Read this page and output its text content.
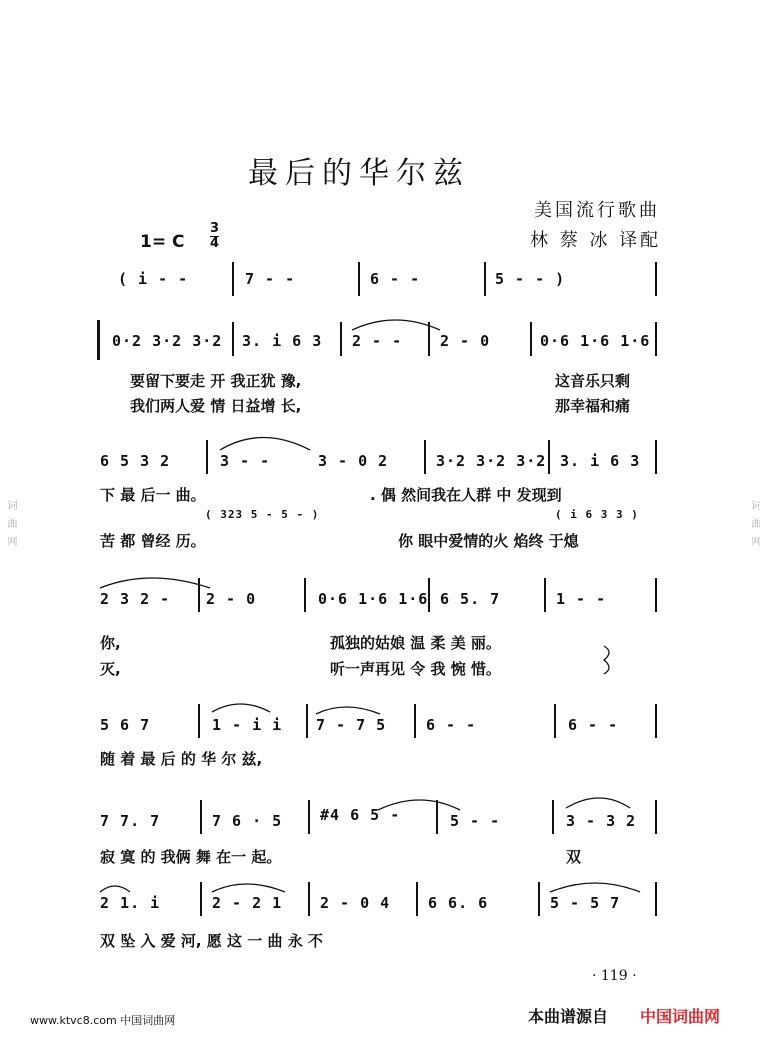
词曲网	词曲网
最后的华尔兹
美国流行歌曲
林 蔡 冰 译配
1= C
3
4
( i - -	7 - -	6 - -	5 - - )
0·2 3·2 3·2 3. i 6 3 2 - -	2 - 0	0·6 1·6 1·6
要留下要走 开 我正犹 豫,	这音乐只剩
我们两人爱 情 日益增 长,	那幸福和痛
6 5 3 2	3 - -	3 - 0 2	3·2 3·2 3·2 3. i 6 3
下 最 后一 曲。	. 偶 然间我在人群 中 发现到
( 323 5 - 5 - )	( i 6 3 3 )
苦 都 曾经 历。	你 眼中爱情的火 焰终 于熄
2 3 2 - 2 - 0	0·6 1·6 1·6 6 5. 7	1 - -
你,	孤独的姑娘 温 柔 美 丽。
灭,	听一声再见 令 我 惋 惜。
5 6 7	1 - i i 7 - 7 5	6 - -	6 - -
随 着 最 后 的 华 尔 兹,
7 7. 7	7 6 · 5	#4 6 5 -	5 - -	3 - 3 2
寂 寞 的 我俩 舞 在一 起。	双
2 1. i	2 - 2 1	2 - 0 4	6 6. 6	5 - 5 7
双 坠 入 爱 河, 愿 这 一 曲 永 不
· 119 ·
www.ktvc8.com 中国词曲网	本曲谱源自 中国词曲网
